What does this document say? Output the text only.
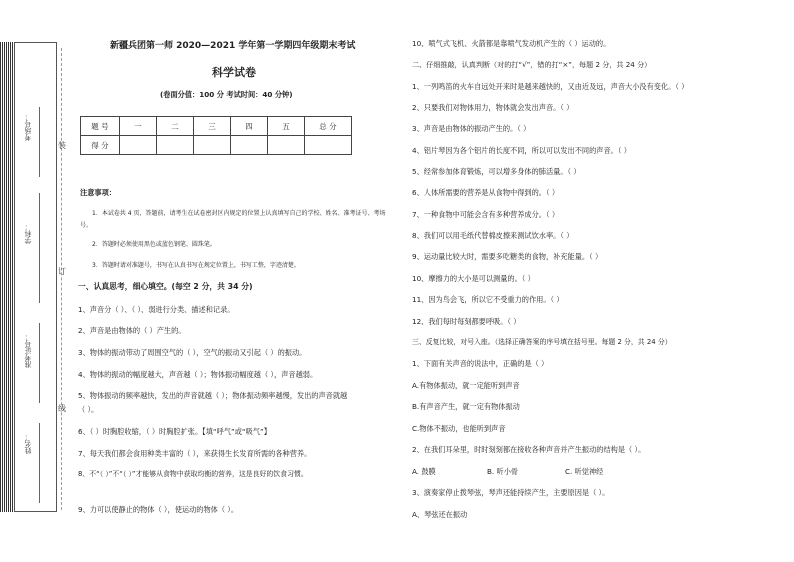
考场号：
学科：
准考证号：
姓名：
装
订
线
新疆兵团第一师 2020—2021 学年第一学期四年级期末考试
科学试卷
(卷面分值：100 分 考试时间：40 分钟)
题 号	一	二	三	四	五	总 分
得 分						
注意事项：
1．本试卷共 4 页，答题前，请考生在试卷密封区内规定的位置上认真填写自己的学校、姓名、准考证号、考场号。
2．答题时必须使用黑色或蓝色钢笔、圆珠笔。
3．答题时请对准题号，书写在认真书写在规定位置上，书写工整，字迹清楚。
一、认真思考，细心填空。(每空 2 分，共 34 分)
1、声音分（ ）、（ ）、弱进行分类、描述和记录。
2、声音是由物体的（ ）产生的。
3、物体的振动带动了周围空气的（ ），空气的振动又引起（ ）的振动。
4、物体的振动的幅度越大，声音越（ ）；物体振动幅度越（ ），声音越弱。
5、物体振动的频率越快，发出的声音就越（ ）；物体振动频率越慢，发出的声音就越
（ ）。
6、（ ）时胸腔收缩，（ ）时胸腔扩张。【填“呼气”或“吸气”】
7、每天我们都会食用种类丰富的（ ），来获得生长发育所需的各种营养。
8、不“（ ）”不“（ ）”才能够从食物中获取均衡的营养，这是良好的饮食习惯。
9、力可以使静止的物体（ ），使运动的物体（ ）。
10、喷气式飞机、火箭都是靠喷气发动机产生的（ ）运动的。
二、仔细推敲，认真判断（对的打“√”，错的打“×”，每题 2 分，共 24 分）
1、一列鸣笛的火车自远处开来时是越来越快的，又由近及远，声音大小没有变化。（ ）
2、只要我们对物体用力，物体就会发出声音。（ ）
3、声音是由物体的振动产生的。（ ）
4、铝片琴因为各个铝片的长度不同，所以可以发出不同的声音。（ ）
5、经常参加体育锻炼，可以增多身体的肺活量。（ ）
6、人体所需要的营养是从食物中得到的。（ ）
7、一种食物中可能会含有多种营养成分。（ ）
8、我们可以用毛纸代替棉皮擦来测试饮水率。（ ）
9、运动量比较大时，需要多吃糖类的食物，补充能量。（ ）
10、摩擦力的大小是可以测量的。（ ）
11、因为鸟会飞，所以它不受重力的作用。（ ）
12、我们每时每刻都要呼吸。（ ）
三、反复比较，对号入座。（选择正确答案的序号填在括号里。每题 2 分，共 24 分）
1、下面有关声音的说法中，正确的是（ ）
A.有物体振动，就一定能听到声音
B.有声音产生，就一定有物体振动
C.物体不振动，也能听到声音
2、在我们耳朵里，时时刻刻都在接收各种声音并产生振动的结构是（ ）。
A. 鼓膜	B. 听小骨	C. 听觉神经
3、演奏家停止拨琴弦，琴声还能持续产生，主要原因是（ ）。
A、琴弦还在振动
